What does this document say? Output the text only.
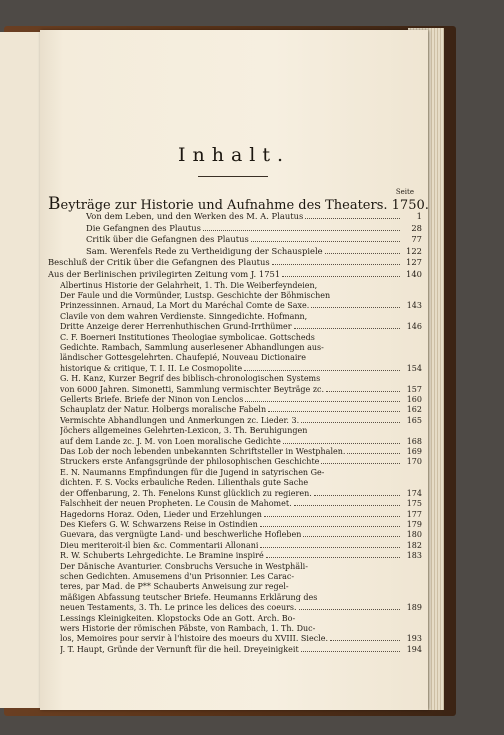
Inhalt.
Seite
Beyträge zur Historie und Aufnahme des Theaters. 1750.
Von dem Leben, und den Werken des M. A. Plautus	1
Die Gefangnen des Plautus	28
Critik über die Gefangnen des Plautus	77
Sam. Werenfels Rede zu Vertheidigung der Schauspiele	122
Beschluß der Critik über die Gefangnen des Plautus	127
Aus der Berlinischen privilegirten Zeitung vom J. 1751	140
Albertinus Historie der Gelahrheit, 1. Th. Die Weiberfeyndeien,
Der Faule und die Vormünder, Lustsp. Geschichte der Böhmischen
Prinzessinnen. Arnaud, La Mort du Maréchal Comte de Saxe.	143
Clavile von dem wahren Verdienste. Sinngedichte. Hofmann,
Dritte Anzeige derer Herrenhuthischen Grund-Irrthümer	146
C. F. Boerneri Institutiones Theologiae symbolicae. Gottscheds
Gedichte. Rambach, Sammlung auserlesener Abhandlungen aus-
ländischer Gottesgelehrten. Chaufepié, Nouveau Dictionaire
historique & critique, T. I. II. Le Cosmopolite	154
G. H. Kanz, Kurzer Begrif des biblisch-chronologischen Systems
von 6000 Jahren. Simonetti, Sammlung vermischter Beyträge zc.	157
Gellerts Briefe. Briefe der Ninon von Lenclos	160
Schauplatz der Natur. Holbergs moralische Fabeln	162
Vermischte Abhandlungen und Anmerkungen zc. Lieder. 3.	165
Jöchers allgemeines Gelehrten-Lexicon, 3. Th. Beruhigungen
auf dem Lande zc. J. M. von Loen moralische Gedichte	168
Das Lob der noch lebenden unbekannten Schriftsteller in Westphalen.	169
Struckers erste Anfangsgründe der philosophischen Geschichte	170
E. N. Naumanns Empfindungen für die Jugend in satyrischen Ge-
dichten. F. S. Vocks erbauliche Reden. Lilienthals gute Sache
der Offenbarung, 2. Th. Fenelons Kunst glücklich zu regieren.	174
Falschheit der neuen Propheten. Le Cousin de Mahomet.	175
Hagedorns Horaz. Oden, Lieder und Erzehlungen	177
Des Kiefers G. W. Schwarzens Reise in Ostindien	179
Guevara, das vergnügte Land- und beschwerliche Hofleben	180
Dieu meriteroit-il bien &c. Commentarii Allonani	182
R. W. Schuberts Lehrgedichte. Le Bramine inspiré	183
Der Dänische Avanturier. Consbruchs Versuche in Westphäli-
schen Gedichten. Amusemens d'un Prisonnier. Les Carac-
teres, par Mad. de P** Schauberts Anweisung zur regel-
mäßigen Abfassung teutscher Briefe. Heumanns Erklärung des
neuen Testaments, 3. Th. Le prince les delices des coeurs.	189
Lessings Kleinigkeiten. Klopstocks Ode an Gott. Arch. Bo-
wers Historie der römischen Päbste, von Rambach, 1. Th. Duc-
los, Memoires pour servir à l'histoire des moeurs du XVIII. Siecle.	193
J. T. Haupt, Gründe der Vernunft für die heil. Dreyeinigkeit	194
